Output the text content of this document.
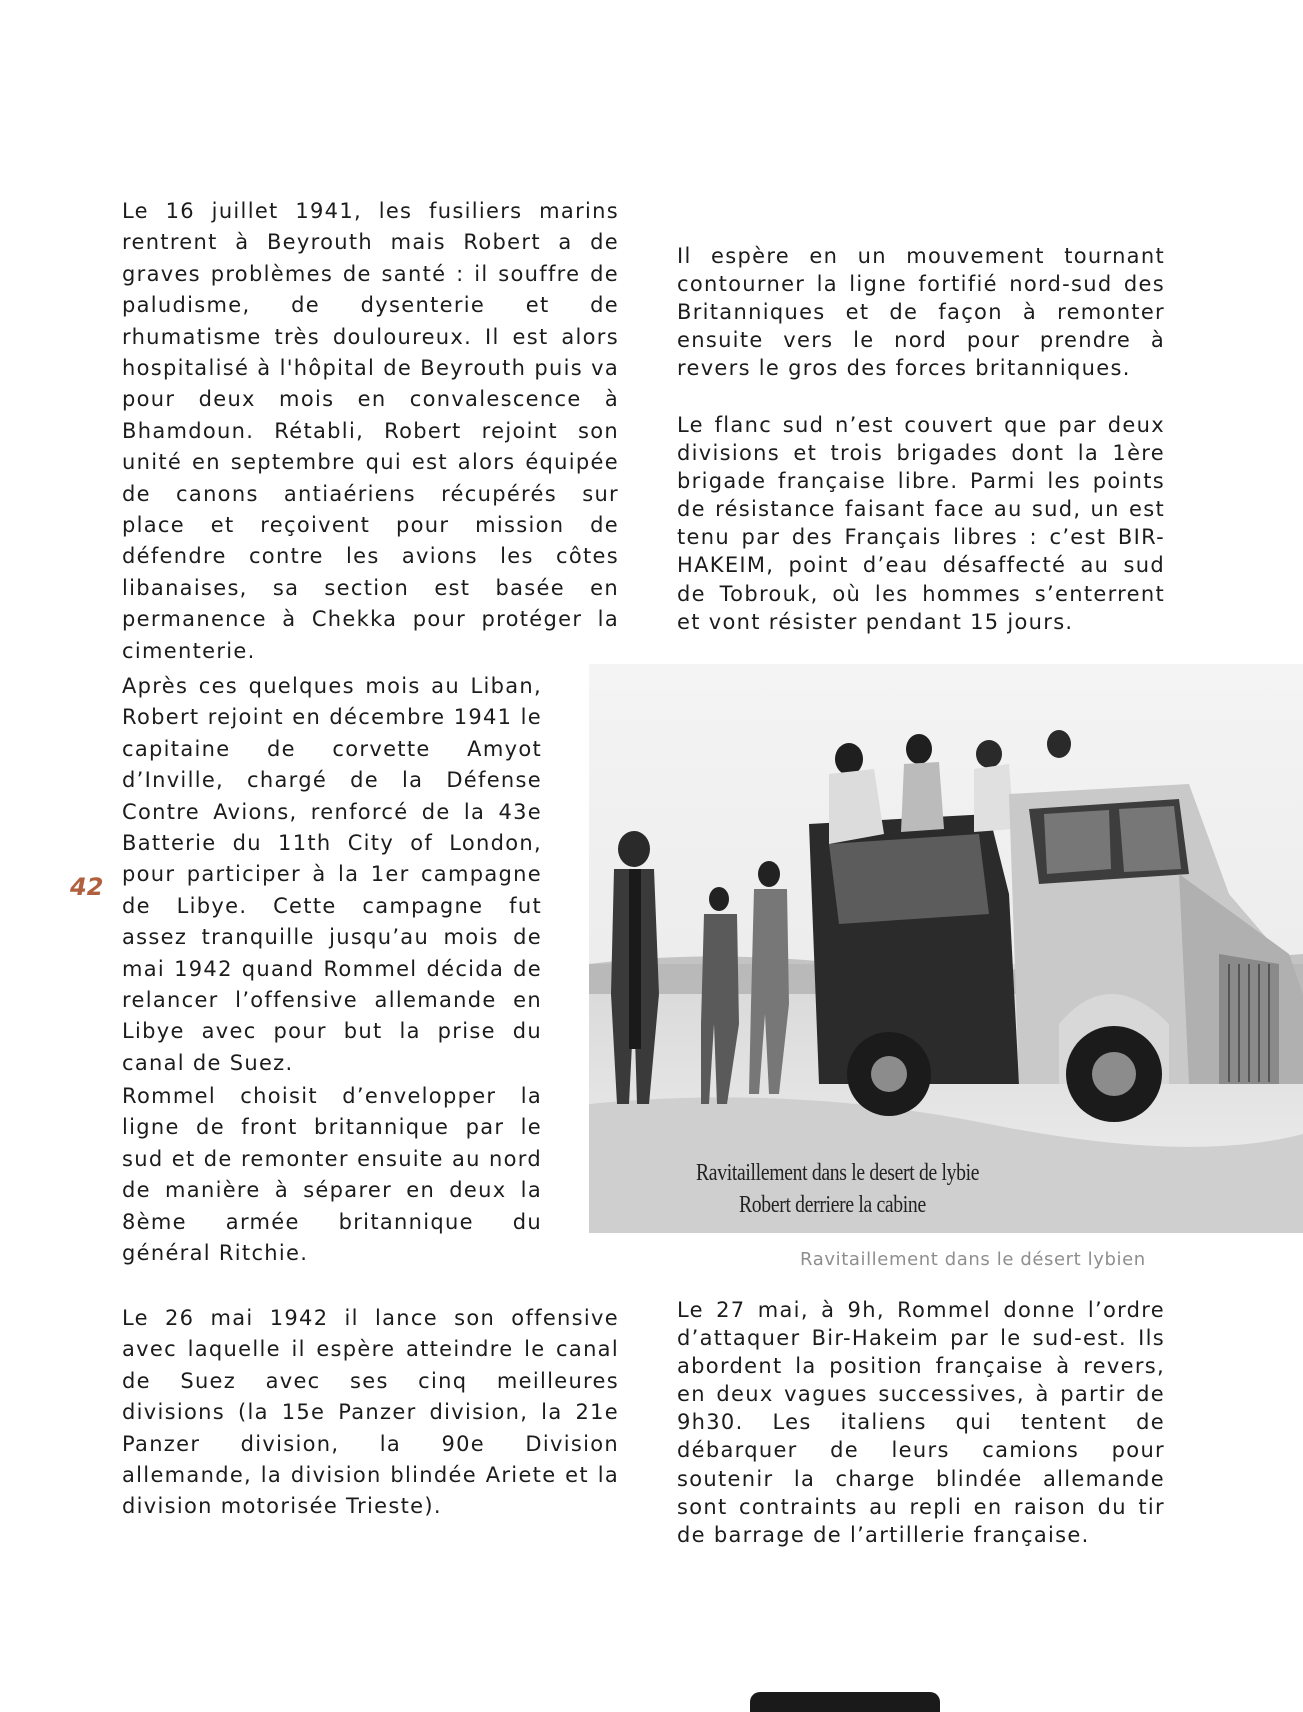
Le 16 juillet 1941, les fusiliers marins rentrent à Beyrouth mais Robert a de graves problèmes de santé : il souffre de paludisme, de dysenterie et de rhumatisme très douloureux. Il est alors hospitalisé à l'hôpital de Beyrouth puis va pour deux mois en convalescence à Bhamdoun. Rétabli, Robert rejoint son unité en septembre qui est alors équipée de canons antiaériens récupérés sur place et reçoivent pour mission de défendre contre les avions les côtes libanaises, sa section est basée en permanence à Chekka pour protéger la cimenterie.

Après ces quelques mois au Liban, Robert rejoint en décembre 1941 le capitaine de corvette Amyot d’Inville, chargé de la Défense Contre Avions, renforcé de la 43e Batterie du 11th City of London, pour participer à la 1er campagne de Libye. Cette campagne fut assez tranquille jusqu’au mois de mai 1942 quand Rommel décida de relancer l’offensive allemande en Libye avec pour but la prise du canal de Suez.

Rommel choisit d’envelopper la ligne de front britannique par le sud et de remonter ensuite au nord de manière à séparer en deux la 8ème armée britannique du général Ritchie.

Le 26 mai 1942 il lance son offensive avec laquelle il espère atteindre le canal de Suez avec ses cinq meilleures divisions (la 15e Panzer division, la 21e Panzer division, la 90e Division allemande, la division blindée Ariete et la division motorisée Trieste).

Il espère en un mouvement tournant contourner la ligne fortifié nord-sud des Britanniques et de façon à remonter ensuite vers le nord pour prendre à revers le gros des forces britanniques.

Le flanc sud n’est couvert que par deux divisions et trois brigades dont la 1ère brigade française libre. Parmi les points de résistance faisant face au sud, un est tenu par des Français libres : c’est BIR-HAKEIM, point d’eau désaffecté au sud de Tobrouk, où les hommes s’enterrent et vont résister pendant 15 jours.

Le 27 mai, à 9h, Rommel donne l’ordre d’attaquer Bir-Hakeim par le sud-est. Ils abordent la position française à revers, en deux vagues successives, à partir de 9h30. Les italiens qui tentent de débarquer de leurs camions pour soutenir la charge blindée allemande sont contraints au repli en raison du tir de barrage de l’artillerie française.

42
Ravitaillement dans le desert de lybie
Robert derriere la cabine
Ravitaillement dans le désert lybien
